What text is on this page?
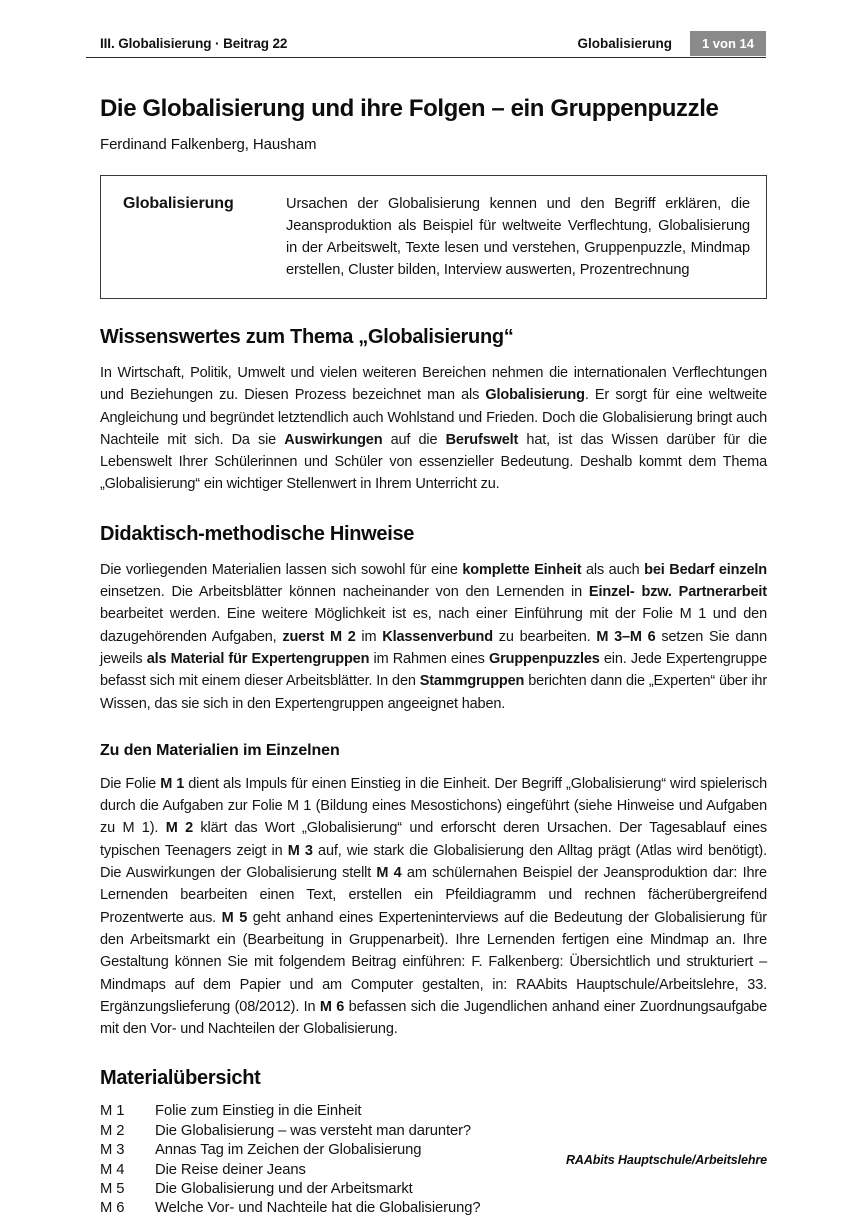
III. Globalisierung · Beitrag 22	Globalisierung	1 von 14
Die Globalisierung und ihre Folgen – ein Gruppenpuzzle
Ferdinand Falkenberg, Hausham
Globalisierung	Ursachen der Globalisierung kennen und den Begriff erklären, die Jeansproduktion als Beispiel für weltweite Verflechtung, Globalisierung in der Arbeitswelt, Texte lesen und verstehen, Gruppenpuzzle, Mindmap erstellen, Cluster bilden, Interview auswerten, Prozentrechnung
Wissenswertes zum Thema „Globalisierung“

In Wirtschaft, Politik, Umwelt und vielen weiteren Bereichen nehmen die internationalen Verflechtungen und Beziehungen zu. Diesen Prozess bezeichnet man als Globalisierung. Er sorgt für eine weltweite Angleichung und begründet letztendlich auch Wohlstand und Frieden. Doch die Globalisierung bringt auch Nachteile mit sich. Da sie Auswirkungen auf die Berufswelt hat, ist das Wissen darüber für die Lebenswelt Ihrer Schülerinnen und Schüler von essenzieller Bedeutung. Deshalb kommt dem Thema „Globalisierung“ ein wichtiger Stellenwert in Ihrem Unterricht zu.

Didaktisch-methodische Hinweise

Die vorliegenden Materialien lassen sich sowohl für eine komplette Einheit als auch bei Bedarf einzeln einsetzen. Die Arbeitsblätter können nacheinander von den Lernenden in Einzel- bzw. Partnerarbeit bearbeitet werden. Eine weitere Möglichkeit ist es, nach einer Einführung mit der Folie M 1 und den dazugehörenden Aufgaben, zuerst M 2 im Klassenverbund zu bearbeiten. M 3–M 6 setzen Sie dann jeweils als Material für Expertengruppen im Rahmen eines Gruppenpuzzles ein. Jede Expertengruppe befasst sich mit einem dieser Arbeitsblätter. In den Stammgruppen berichten dann die „Experten“ über ihr Wissen, das sie sich in den Expertengruppen angeeignet haben.

Zu den Materialien im Einzelnen

Die Folie M 1 dient als Impuls für einen Einstieg in die Einheit. Der Begriff „Globalisierung“ wird spielerisch durch die Aufgaben zur Folie M 1 (Bildung eines Mesostichons) eingeführt (siehe Hinweise und Aufgaben zu M 1). M 2 klärt das Wort „Globalisierung“ und erforscht deren Ursachen. Der Tagesablauf eines typischen Teenagers zeigt in M 3 auf, wie stark die Globalisierung den Alltag prägt (Atlas wird benötigt). Die Auswirkungen der Globalisierung stellt M 4 am schülernahen Beispiel der Jeansproduktion dar: Ihre Lernenden bearbeiten einen Text, erstellen ein Pfeildiagramm und rechnen fächerübergreifend Prozentwerte aus. M 5 geht anhand eines Experteninterviews auf die Bedeutung der Globalisierung für den Arbeitsmarkt ein (Bearbeitung in Gruppenarbeit). Ihre Lernenden fertigen eine Mindmap an. Ihre Gestaltung können Sie mit folgendem Beitrag einführen: F. Falkenberg: Übersichtlich und strukturiert – Mindmaps auf dem Papier und am Computer gestalten, in: RAAbits Hauptschule/Arbeitslehre, 33. Ergänzungslieferung (08/2012). In M 6 befassen sich die Jugendlichen anhand einer Zuordnungsaufgabe mit den Vor- und Nachteilen der Globalisierung.

Materialübersicht
M 1	Folie zum Einstieg in die Einheit
M 2	Die Globalisierung – was versteht man darunter?
M 3	Annas Tag im Zeichen der Globalisierung
M 4	Die Reise deiner Jeans
M 5	Die Globalisierung und der Arbeitsmarkt
M 6	Welche Vor- und Nachteile hat die Globalisierung?
RAAbits Hauptschule/Arbeitslehre
